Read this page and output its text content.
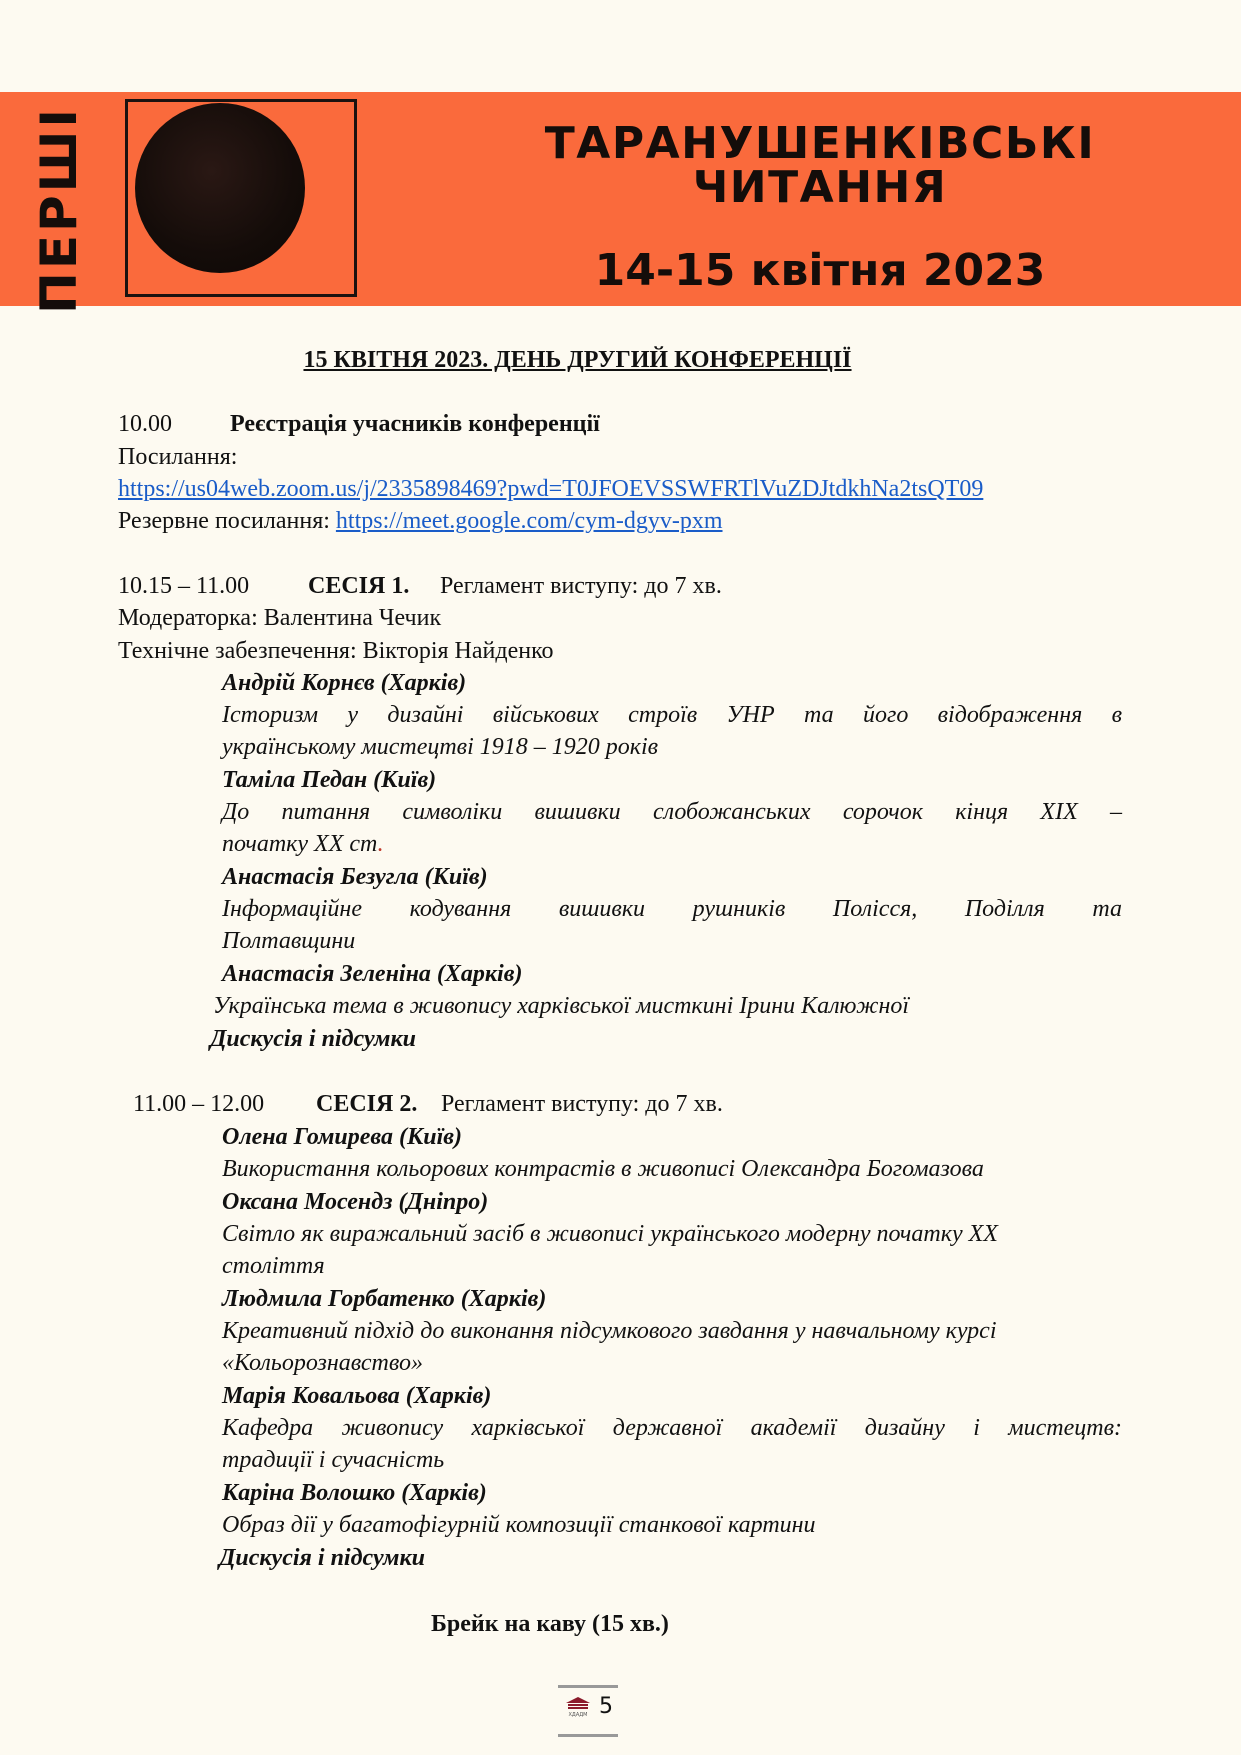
ПЕРШІ	ТАРАНУШЕНКІВСЬКІ
ЧИТАННЯ
14-15 квітня 2023
15 КВІТНЯ 2023. ДЕНЬ ДРУГИЙ КОНФЕРЕНЦІЇ
10.00 Реєстрація учасників конференції
Посилання:
https://us04web.zoom.us/j/2335898469?pwd=T0JFOEVSSWFRTlVuZDJtdkhNa2tsQT09
Резервне посилання: https://meet.google.com/cym-dgyv-pxm
10.15 – 11.00 СЕСІЯ 1. Регламент виступу: до 7 хв.
Модераторка: Валентина Чечик
Технічне забезпечення: Вікторія Найденко
Андрій Корнєв (Харків)
Історизм у дизайні військових строїв УНР та його відображення в
українському мистецтві 1918 – 1920 років
Таміла Педан (Київ)
До питання символіки вишивки слобожанських сорочок кінця ХІХ –
початку ХХ ст.
Анастасія Безугла (Київ)
Інформаційне кодування вишивки рушників Полісся, Поділля та
Полтавщини
Анастасія Зеленіна (Харків)
Українська тема в живопису харківської мисткині Ірини Калюжної
Дискусія і підсумки
11.00 – 12.00 СЕСІЯ 2. Регламент виступу: до 7 хв.
Олена Гомирева (Київ)
Використання кольорових контрастів в живописі Олександра Богомазова
Оксана Мосендз (Дніпро)
Світло як виражальний засіб в живописі українського модерну початку ХХ
століття
Людмила Горбатенко (Харків)
Креативний підхід до виконання підсумкового завдання у навчальному курсі
«Кольорознавство»
Марія Ковальова (Харків)
Кафедра живопису харківської державної академії дизайну і мистецтв:
традиції і сучасність
Каріна Волошко (Харків)
Образ дії у багатофігурній композиції станкової картини
Дискусія і підсумки
Брейк на каву (15 хв.)
ХДАДМ 5
